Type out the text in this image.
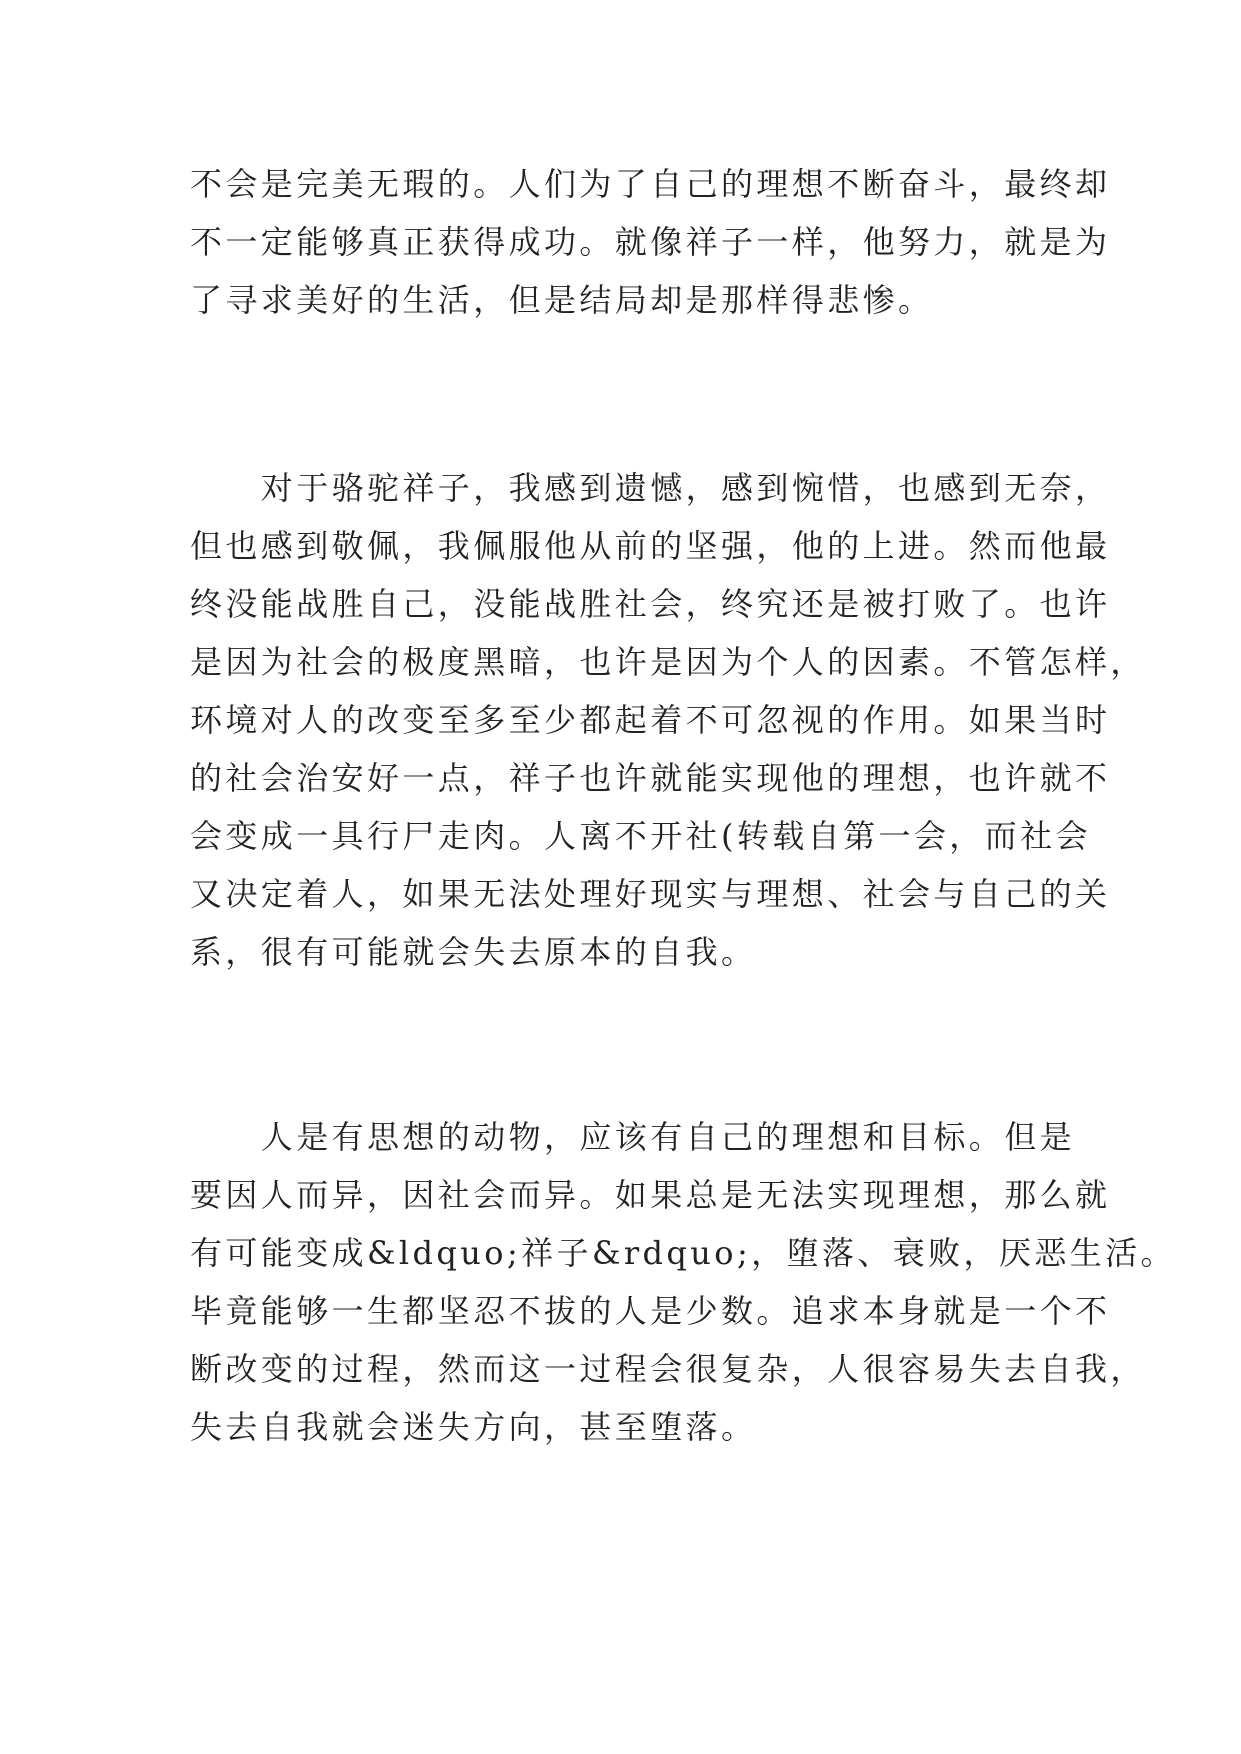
不会是完美无瑕的。人们为了自己的理想不断奋斗，最终却

不一定能够真正获得成功。就像祥子一样，他努力，就是为

了寻求美好的生活，但是结局却是那样得悲惨。

　　对于骆驼祥子，我感到遗憾，感到惋惜，也感到无奈，

但也感到敬佩，我佩服他从前的坚强，他的上进。然而他最

终没能战胜自己，没能战胜社会，终究还是被打败了。也许

是因为社会的极度黑暗，也许是因为个人的因素。不管怎样，

环境对人的改变至多至少都起着不可忽视的作用。如果当时

的社会治安好一点，祥子也许就能实现他的理想，也许就不

会变成一具行尸走肉。人离不开社(转载自第一会，而社会

又决定着人，如果无法处理好现实与理想、社会与自己的关

系，很有可能就会失去原本的自我。

　　人是有思想的动物，应该有自己的理想和目标。但是

要因人而异，因社会而异。如果总是无法实现理想，那么就

有可能变成&ldquo;祥子&rdquo;，堕落、衰败，厌恶生活。

毕竟能够一生都坚忍不拔的人是少数。追求本身就是一个不

断改变的过程，然而这一过程会很复杂，人很容易失去自我，

失去自我就会迷失方向，甚至堕落。
